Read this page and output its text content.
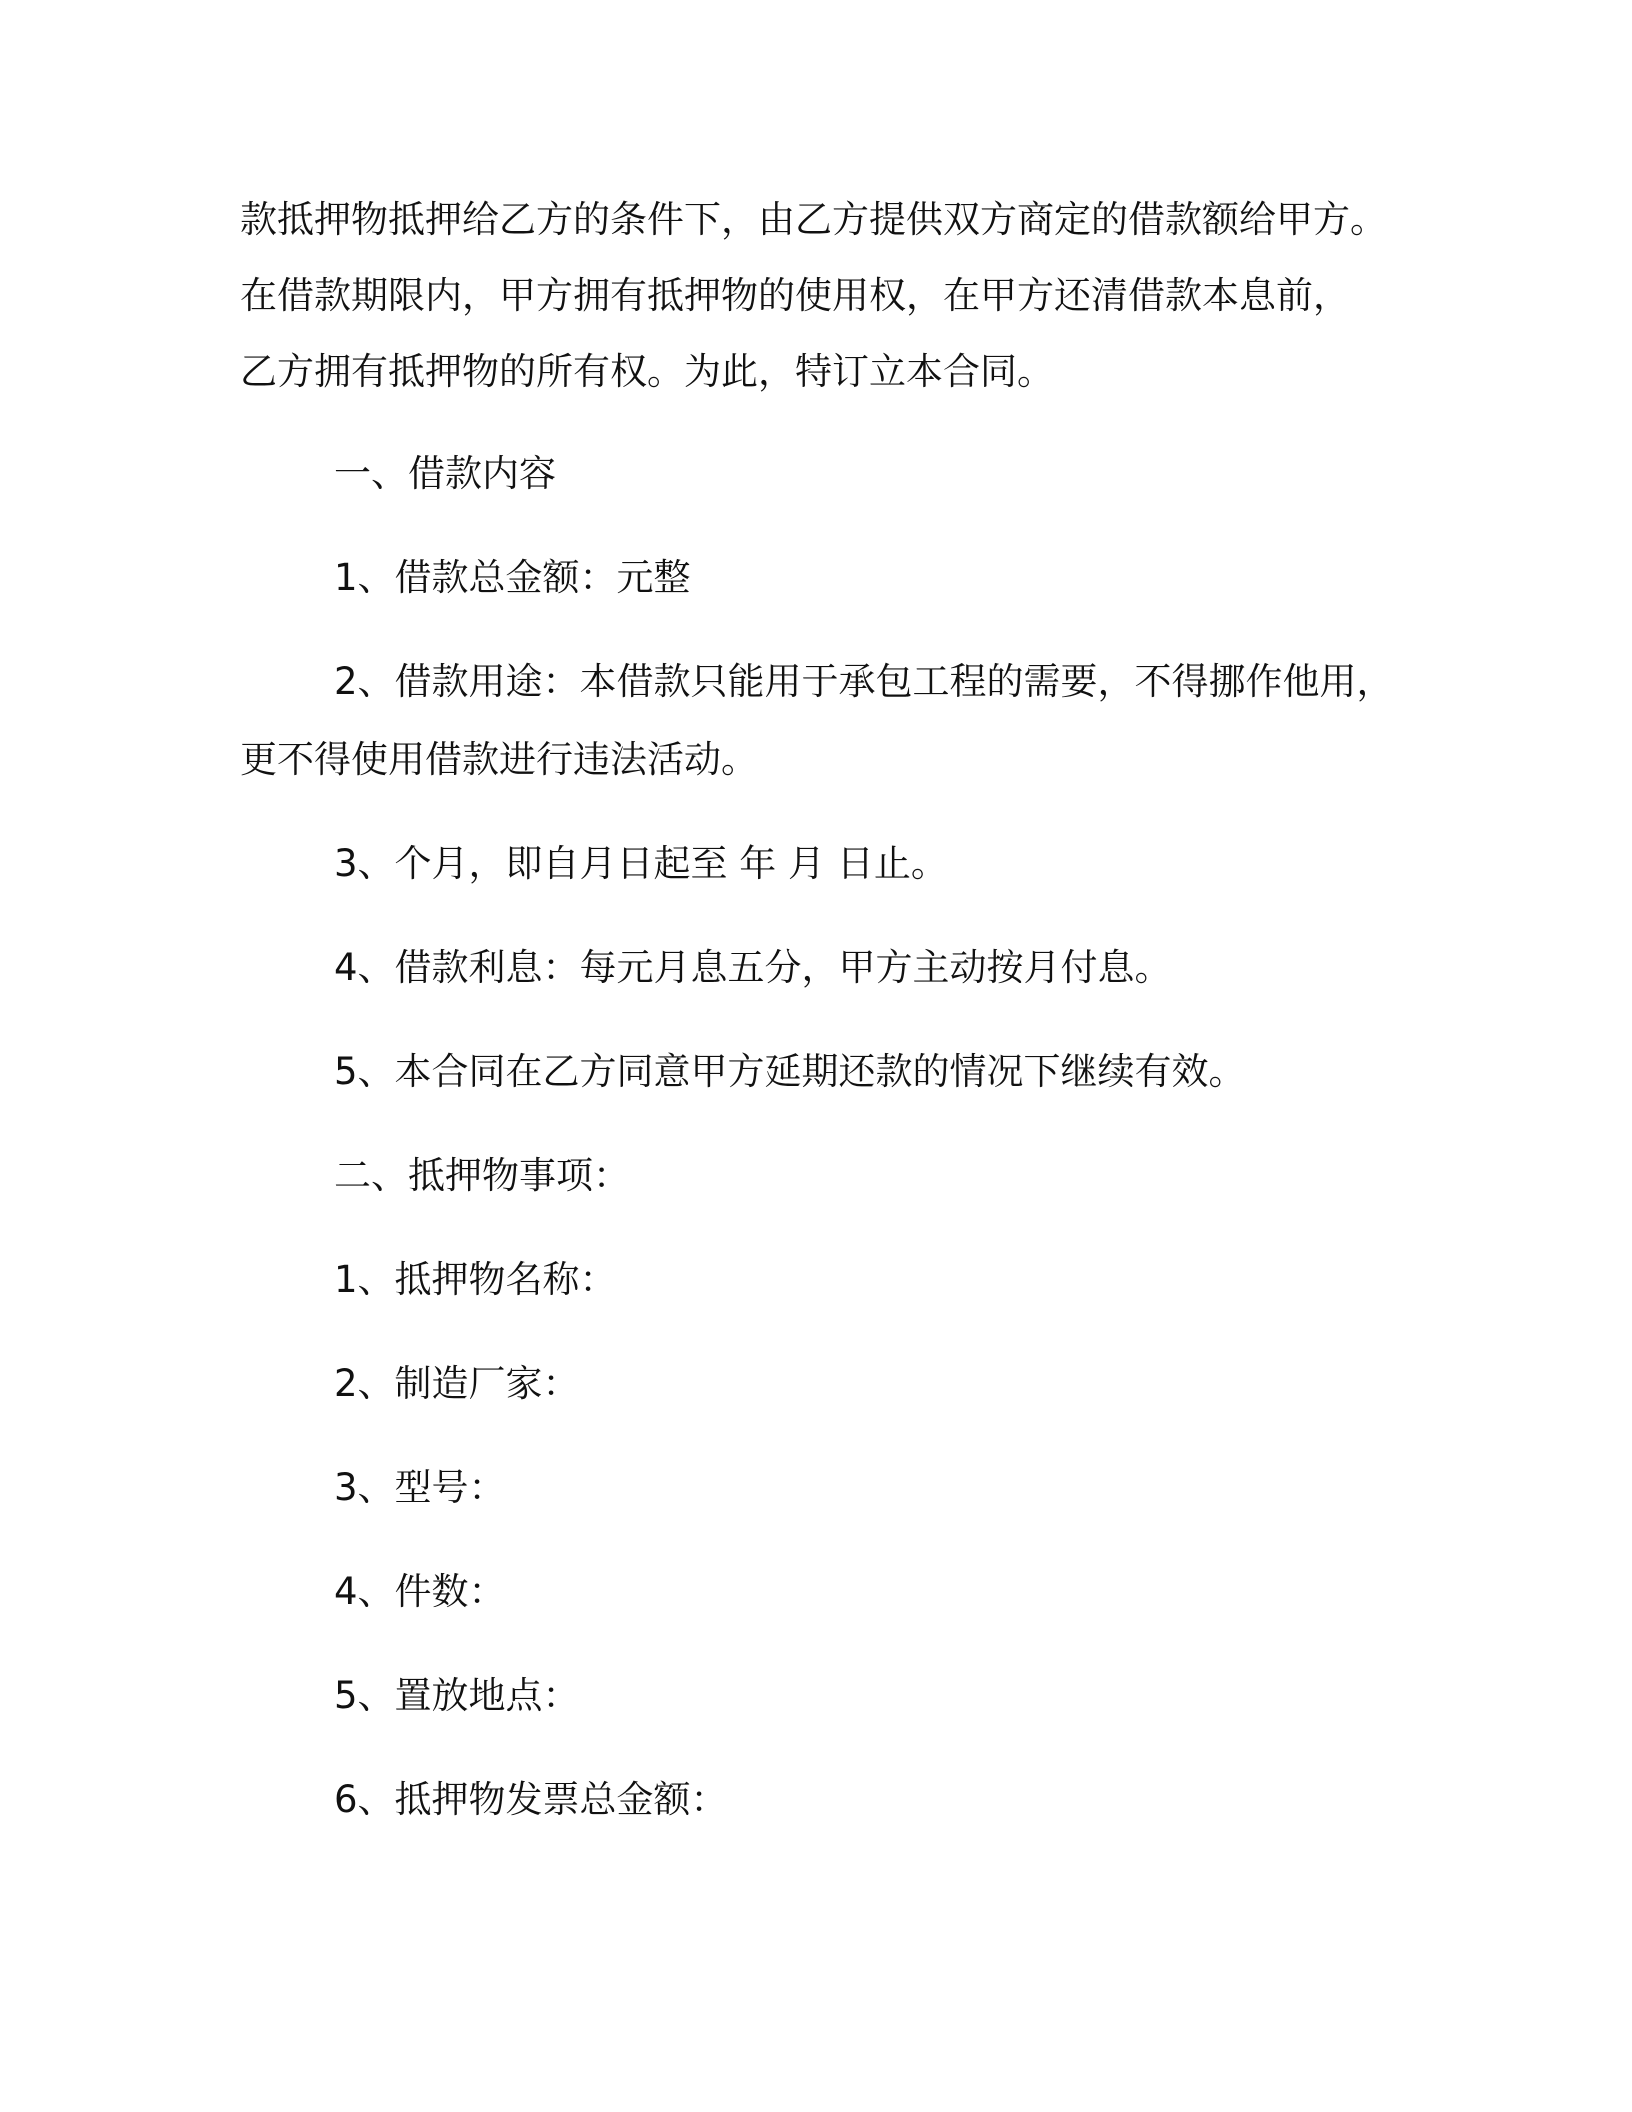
款抵押物抵押给乙方的条件下，由乙方提供双方商定的借款额给甲方。

在借款期限内，甲方拥有抵押物的使用权，在甲方还清借款本息前，

乙方拥有抵押物的所有权。为此，特订立本合同。

一、借款内容

1、借款总金额：元整

2、借款用途：本借款只能用于承包工程的需要，不得挪作他用，

更不得使用借款进行违法活动。

3、个月，即自月日起至 年 月 日止。

4、借款利息：每元月息五分，甲方主动按月付息。

5、本合同在乙方同意甲方延期还款的情况下继续有效。

二、抵押物事项：

1、抵押物名称：

2、制造厂家：

3、型号：

4、件数：

5、置放地点：

6、抵押物发票总金额：
